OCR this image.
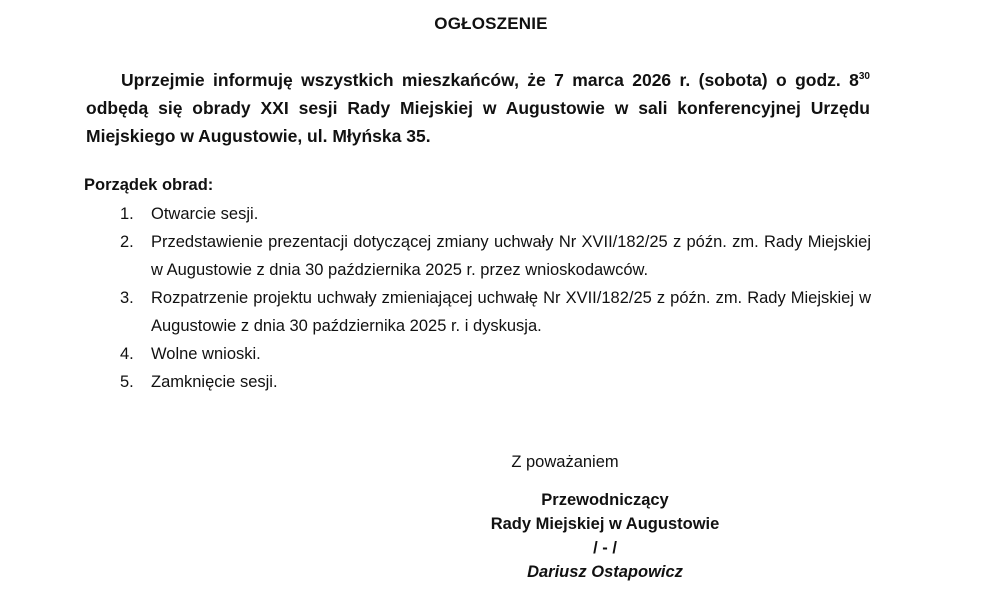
OGŁOSZENIE

Uprzejmie informuję wszystkich mieszkańców, że 7 marca 2026 r. (sobota) o godz. $8^{30}$ odbędą się obrady XXI sesji Rady Miejskiej w Augustowie w sali konferencyjnej Urzędu Miejskiego w Augustowie, ul. Młyńska 35.

Porządek obrad:

1. Otwarcie sesji.
2. Przedstawienie prezentacji dotyczącej zmiany uchwały Nr XVII/182/25 z późn. zm. Rady Miejskiej w Augustowie z dnia 30 października 2025 r. przez wnioskodawców.
3. Rozpatrzenie projektu uchwały zmieniającej uchwałę Nr XVII/182/25 z późn. zm. Rady Miejskiej w Augustowie z dnia 30 października 2025 r. i dyskusja.
4. Wolne wnioski.
5. Zamknięcie sesji.
Z poważaniem
Przewodniczący
Rady Miejskiej w Augustowie
/ - /
Dariusz Ostapowicz
